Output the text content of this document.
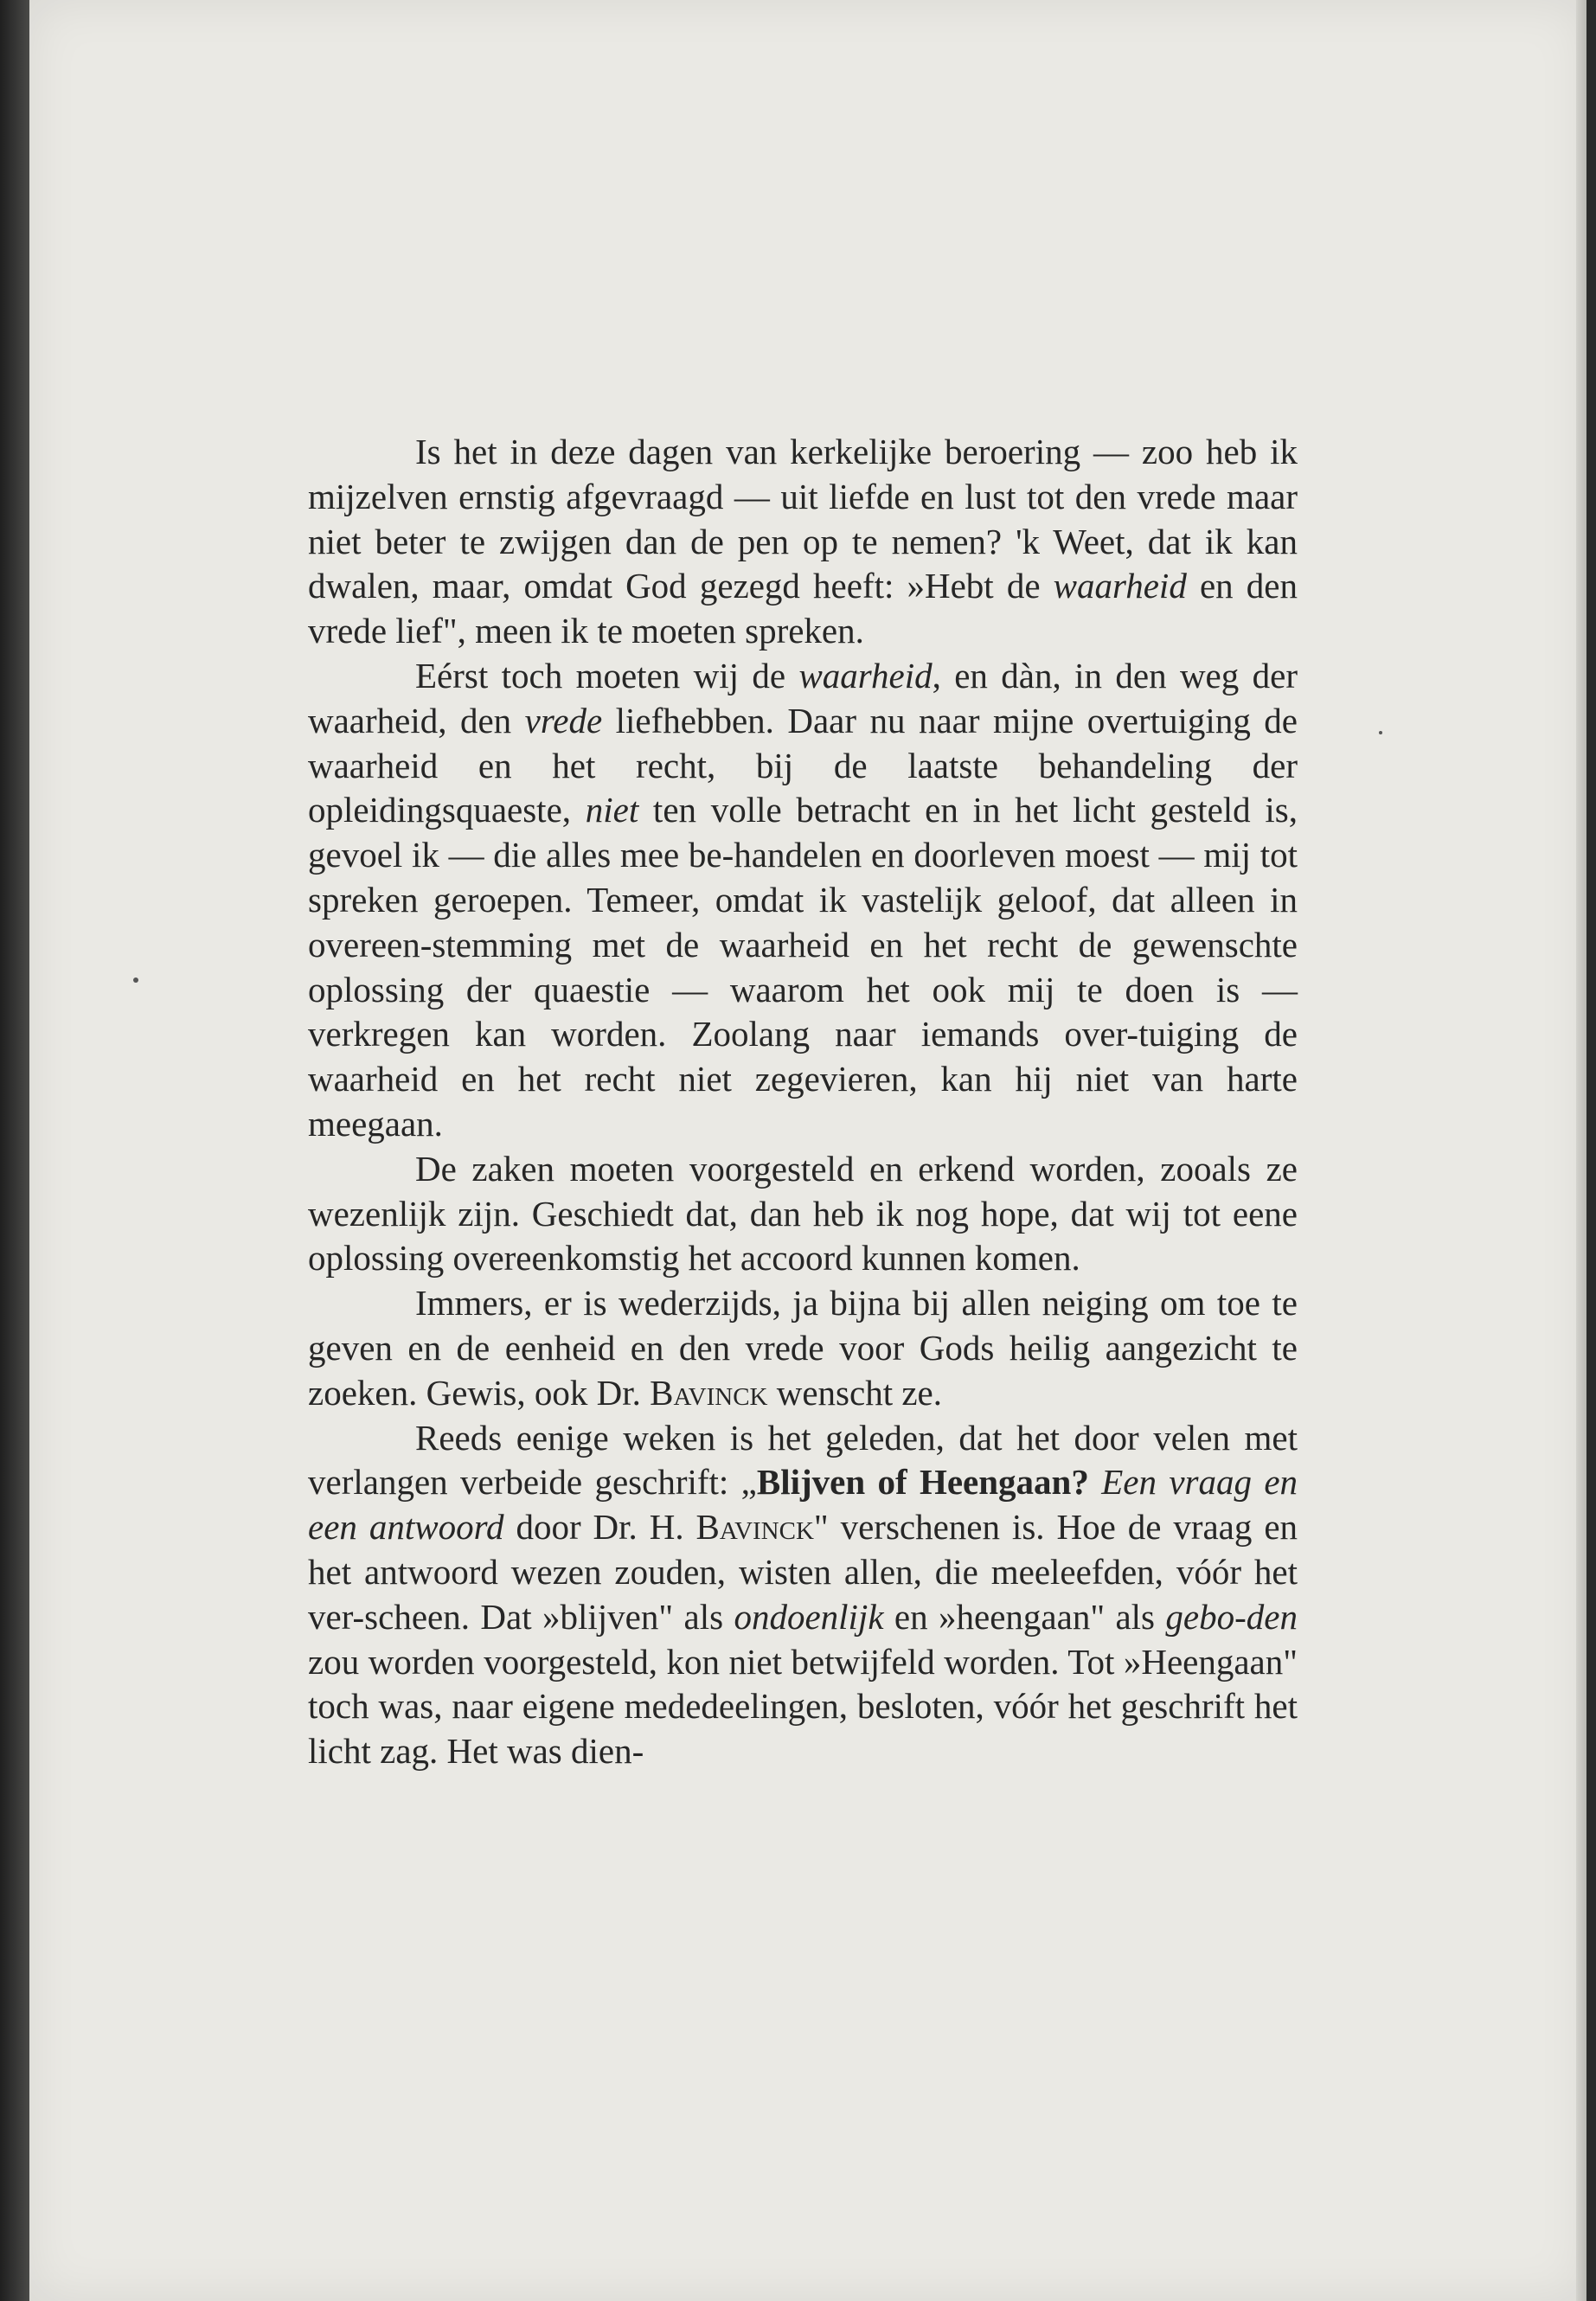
Is het in deze dagen van kerkelijke beroering — zoo heb ik mijzelven ernstig afgevraagd — uit liefde en lust tot den vrede maar niet beter te zwijgen dan de pen op te nemen? 'k Weet, dat ik kan dwalen, maar, omdat God gezegd heeft: »Hebt de waarheid en den vrede lief", meen ik te moeten spreken.

Eérst toch moeten wij de waarheid, en dàn, in den weg der waarheid, den vrede liefhebben. Daar nu naar mijne overtuiging de waarheid en het recht, bij de laatste behandeling der opleidingsquaeste, niet ten volle betracht en in het licht gesteld is, gevoel ik — die alles mee be-handelen en doorleven moest — mij tot spreken geroepen. Temeer, omdat ik vastelijk geloof, dat alleen in overeen-stemming met de waarheid en het recht de gewenschte oplossing der quaestie — waarom het ook mij te doen is — verkregen kan worden. Zoolang naar iemands over-tuiging de waarheid en het recht niet zegevieren, kan hij niet van harte meegaan.

De zaken moeten voorgesteld en erkend worden, zooals ze wezenlijk zijn. Geschiedt dat, dan heb ik nog hope, dat wij tot eene oplossing overeenkomstig het accoord kunnen komen.

Immers, er is wederzijds, ja bijna bij allen neiging om toe te geven en de eenheid en den vrede voor Gods heilig aangezicht te zoeken. Gewis, ook Dr. Bavinck wenscht ze.

Reeds eenige weken is het geleden, dat het door velen met verlangen verbeide geschrift: „Blijven of Heengaan? Een vraag en een antwoord door Dr. H. Bavinck" verschenen is. Hoe de vraag en het antwoord wezen zouden, wisten allen, die meeleefden, vóór het ver-scheen. Dat »blijven" als ondoenlijk en »heengaan" als gebo-den zou worden voorgesteld, kon niet betwijfeld worden. Tot »Heengaan" toch was, naar eigene mededeelingen, besloten, vóór het geschrift het licht zag. Het was dien-
